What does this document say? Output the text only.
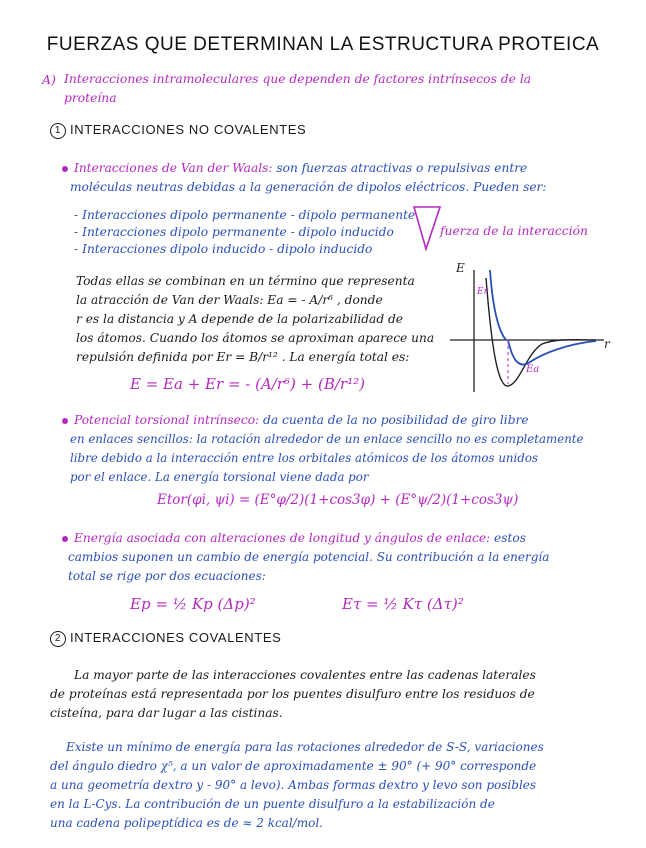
FUERZAS QUE DETERMINAN LA ESTRUCTURA PROTEICA
A) Interacciones intramoleculares que dependen de factores intrínsecos de la
proteína
1 INTERACCIONES NO COVALENTES
Interacciones de Van der Waals: son fuerzas atractivas o repulsivas entre
moléculas neutras debidas a la generación de dipolos eléctricos. Pueden ser:
- Interacciones dipolo permanente - dipolo permanente
- Interacciones dipolo permanente - dipolo inducido
- Interacciones dipolo inducido - dipolo inducido
fuerza de la interacción
Todas ellas se combinan en un término que representa
la atracción de Van der Waals: Ea = - A/r⁶ , donde
r es la distancia y A depende de la polarizabilidad de
los átomos. Cuando los átomos se aproximan aparece una
repulsión definida por Er = B/r¹² . La energía total es:
E = Ea + Er = - (A/r⁶) + (B/r¹²)
E
r
Er
Ea
Potencial torsional intrínseco: da cuenta de la no posibilidad de giro libre
en enlaces sencillos: la rotación alrededor de un enlace sencillo no es completamente
libre debido a la interacción entre los orbitales atómicos de los átomos unidos
por el enlace. La energía torsional viene dada por
Etor(φi, ψi) = (E°φ/2)(1+cos3φ) + (E°ψ/2)(1+cos3ψ)
Energía asociada con alteraciones de longitud y ángulos de enlace: estos
cambios suponen un cambio de energía potencial. Su contribución a la energía
total se rige por dos ecuaciones:
Ep = ½ Kp (Δp)²	Eτ = ½ Kτ (Δτ)²
2 INTERACCIONES COVALENTES
La mayor parte de las interacciones covalentes entre las cadenas laterales
de proteínas está representada por los puentes disulfuro entre los residuos de
cisteína, para dar lugar a las cistinas.
Existe un mínimo de energía para las rotaciones alrededor de S-S, variaciones
del ángulo diedro χ⁵, a un valor de aproximadamente ± 90° (+ 90° corresponde
a una geometría dextro y - 90° a levo). Ambas formas dextro y levo son posibles
en la L-Cys. La contribución de un puente disulfuro a la estabilización de
una cadena polipeptídica es de ≈ 2 kcal/mol.
